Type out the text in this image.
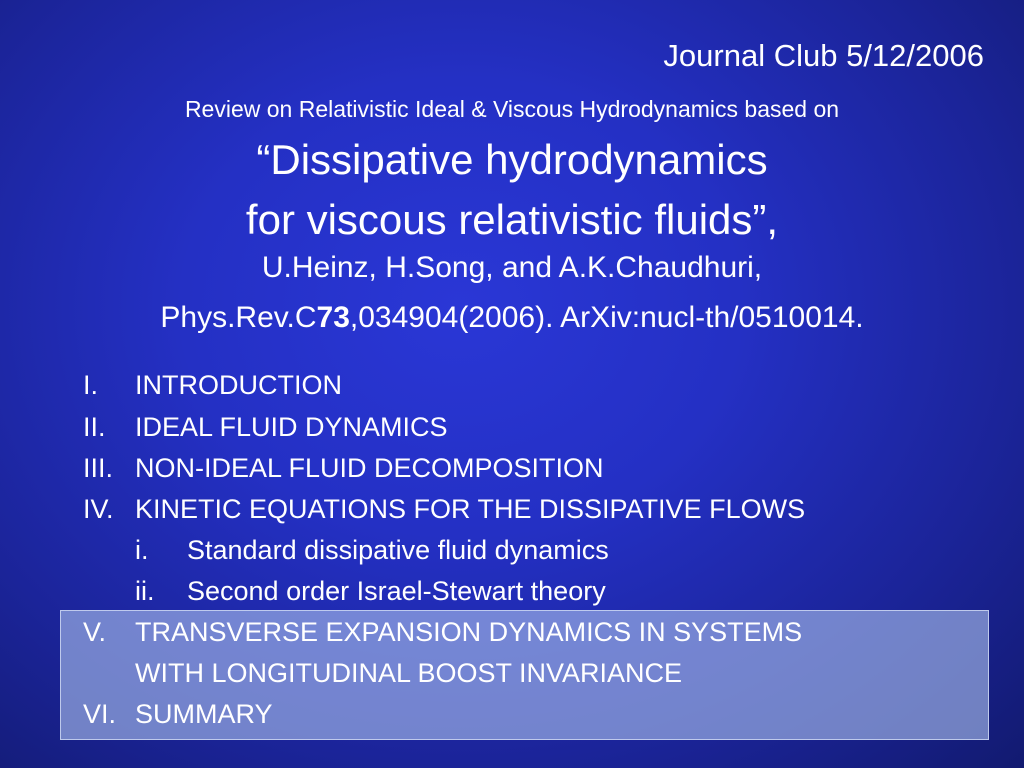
Journal Club 5/12/2006
Review on Relativistic Ideal & Viscous Hydrodynamics based on
“Dissipative hydrodynamics
for viscous relativistic fluids”,
U.Heinz, H.Song, and A.K.Chaudhuri,
Phys.Rev.C73,034904(2006). ArXiv:nucl-th/0510014.
I. INTRODUCTION
II. IDEAL FLUID DYNAMICS
III. NON-IDEAL FLUID DECOMPOSITION
IV. KINETIC EQUATIONS FOR THE DISSIPATIVE FLOWS
i. Standard dissipative fluid dynamics
ii. Second order Israel-Stewart theory
V. TRANSVERSE EXPANSION DYNAMICS IN SYSTEMS
WITH LONGITUDINAL BOOST INVARIANCE
VI. SUMMARY
